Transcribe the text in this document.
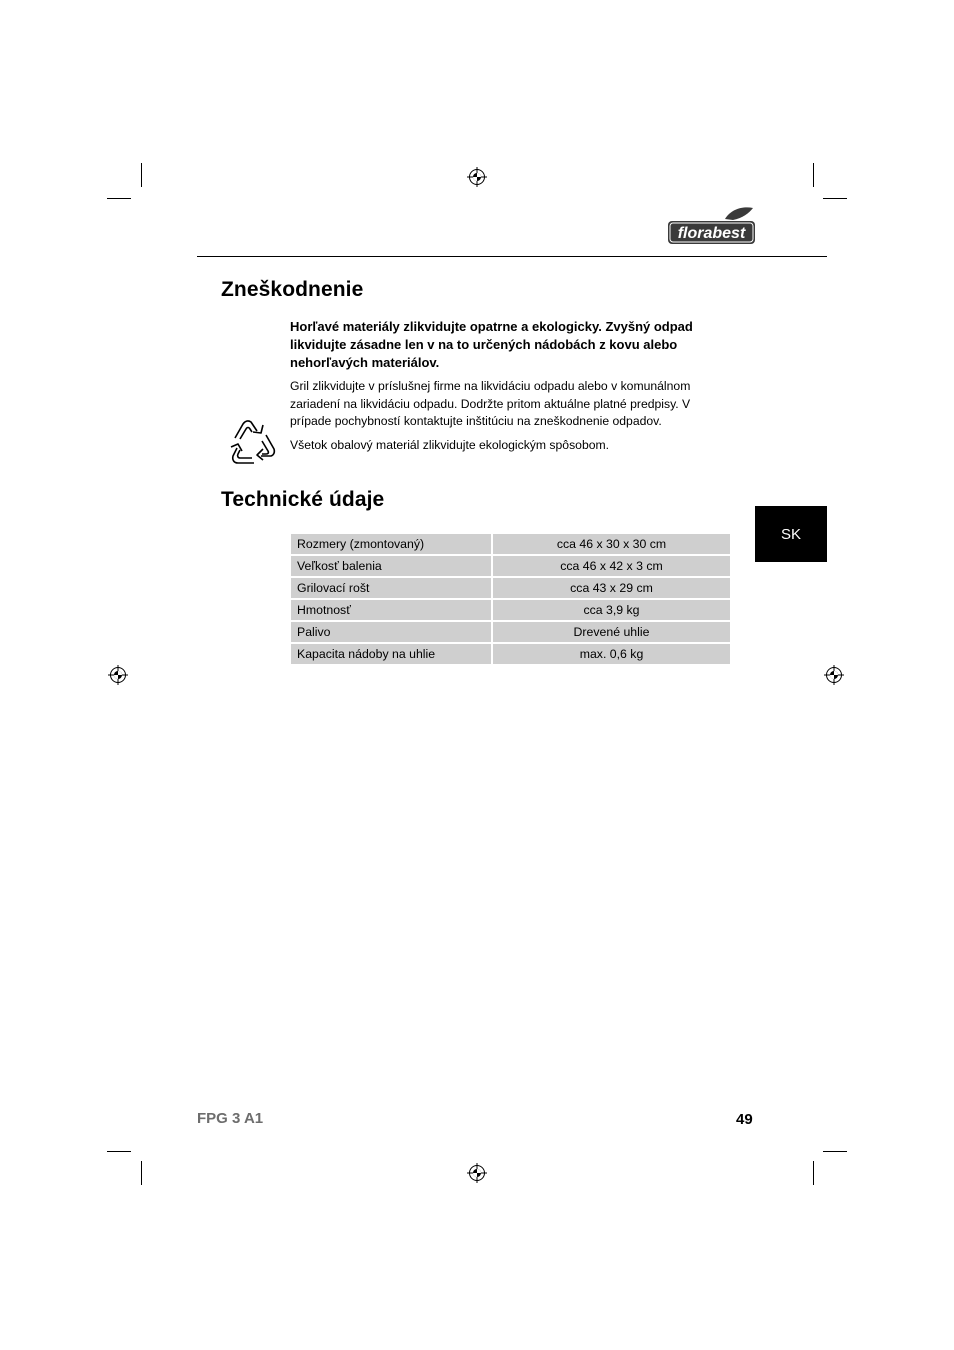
florabest
Zneškodnenie
Horľavé materiály zlikvidujte opatrne a ekologicky. Zvyšný odpad likvidujte zásadne len v na to určených nádobách z kovu alebo nehorľavých materiálov.
Gril zlikvidujte v príslušnej firme na likvidáciu odpadu alebo v komunálnom zariadení na likvidáciu odpadu. Dodržte pritom aktuálne platné predpisy. V prípade pochybností kontaktujte inštitúciu na zneškodnenie odpadov.
Všetok obalový materiál zlikvidujte ekologickým spôsobom.
Technické údaje
SK
Rozmery (zmontovaný)	cca 46 x 30 x 30 cm
Veľkosť balenia	cca 46 x 42 x 3 cm
Grilovací rošt	cca 43 x 29 cm
Hmotnosť	cca 3,9 kg
Palivo	Drevené uhlie
Kapacita nádoby na uhlie	max. 0,6 kg
FPG 3 A1	49
